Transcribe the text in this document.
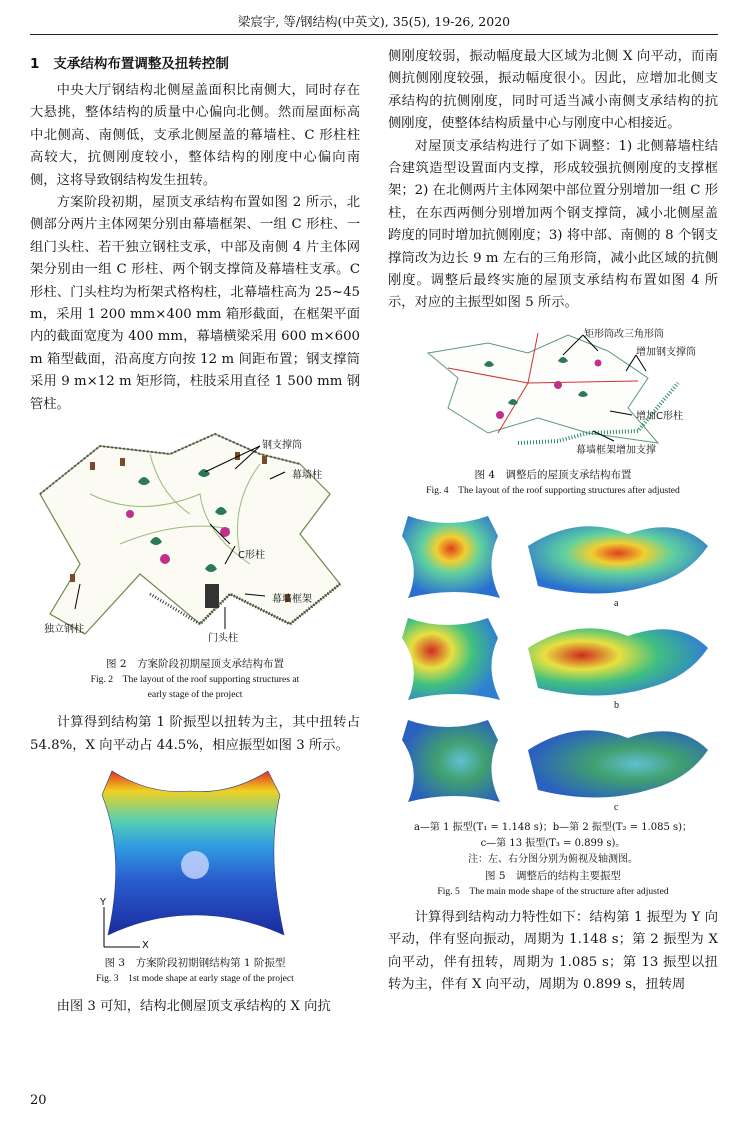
梁宸宇, 等/钢结构(中英文), 35(5), 19-26, 2020
1 支承结构布置调整及扭转控制

中央大厅钢结构北侧屋盖面积比南侧大，同时存在大悬挑，整体结构的质量中心偏向北侧。然而屋面标高中北侧高、南侧低，支承北侧屋盖的幕墙柱、C 形柱柱高较大，抗侧刚度较小，整体结构的刚度中心偏向南侧，这将导致钢结构发生扭转。

方案阶段初期，屋顶支承结构布置如图 2 所示，北侧部分两片主体网架分别由幕墙框架、一组 C 形柱、一组门头柱、若干独立钢柱支承，中部及南侧 4 片主体网架分别由一组 C 形柱、两个钢支撑筒及幕墙柱支承。C 形柱、门头柱均为桁架式格构柱，北幕墙柱高为 25~45 m，采用 1 200 mm×400 mm 箱形截面，在框架平面内的截面宽度为 400 mm，幕墙横梁采用 600 m×600 m 箱型截面，沿高度方向按 12 m 间距布置；钢支撑筒采用 9 m×12 m 矩形筒，柱肢采用直径 1 500 mm 钢管柱。

钢支撑筒
幕墙柱
C形柱
幕墙框架
门头柱
独立钢柱
图 2　方案阶段初期屋顶支承结构布置
Fig. 2　The layout of the roof supporting structures at
early stage of the project

计算得到结构第 1 阶振型以扭转为主，其中扭转占 54.8%，X 向平动占 44.5%，相应振型如图 3 所示。

Y
X
图 3　方案阶段初期钢结构第 1 阶振型
Fig. 3　1st mode shape at early stage of the project

由图 3 可知，结构北侧屋顶支承结构的 X 向抗

侧刚度较弱，振动幅度最大区域为北侧 X 向平动，而南侧抗侧刚度较强，振动幅度很小。因此，应增加北侧支承结构的抗侧刚度，同时可适当减小南侧支承结构的抗侧刚度，使整体结构质量中心与刚度中心相接近。

对屋顶支承结构进行了如下调整：1) 北侧幕墙柱结合建筑造型设置面内支撑，形成较强抗侧刚度的支撑框架；2) 在北侧两片主体网架中部位置分别增加一组 C 形柱，在东西两侧分别增加两个钢支撑筒，减小北侧屋盖跨度的同时增加抗侧刚度；3) 将中部、南侧的 8 个钢支撑筒改为边长 9 m 左右的三角形筒，减小此区域的抗侧刚度。调整后最终实施的屋顶支承结构布置如图 4 所示，对应的主振型如图 5 所示。

矩形筒改三角形筒
增加钢支撑筒
增加C形柱
幕墙框架增加支撑
图 4　调整后的屋顶支承结构布置
Fig. 4　The layout of the roof supporting structures after adjusted
a
b
c
a—第 1 振型(T₁ = 1.148 s)；b—第 2 振型(T₂ = 1.085 s)；
c—第 13 振型(T₃ = 0.899 s)。
注：左、右分图分别为俯视及轴测图。
图 5　调整后的结构主要振型
Fig. 5　The main mode shape of the structure after adjusted

计算得到结构动力特性如下：结构第 1 振型为 Y 向平动，伴有竖向振动，周期为 1.148 s；第 2 振型为 X 向平动，伴有扭转，周期为 1.085 s；第 13 振型以扭转为主，伴有 X 向平动，周期为 0.899 s，扭转周

20
